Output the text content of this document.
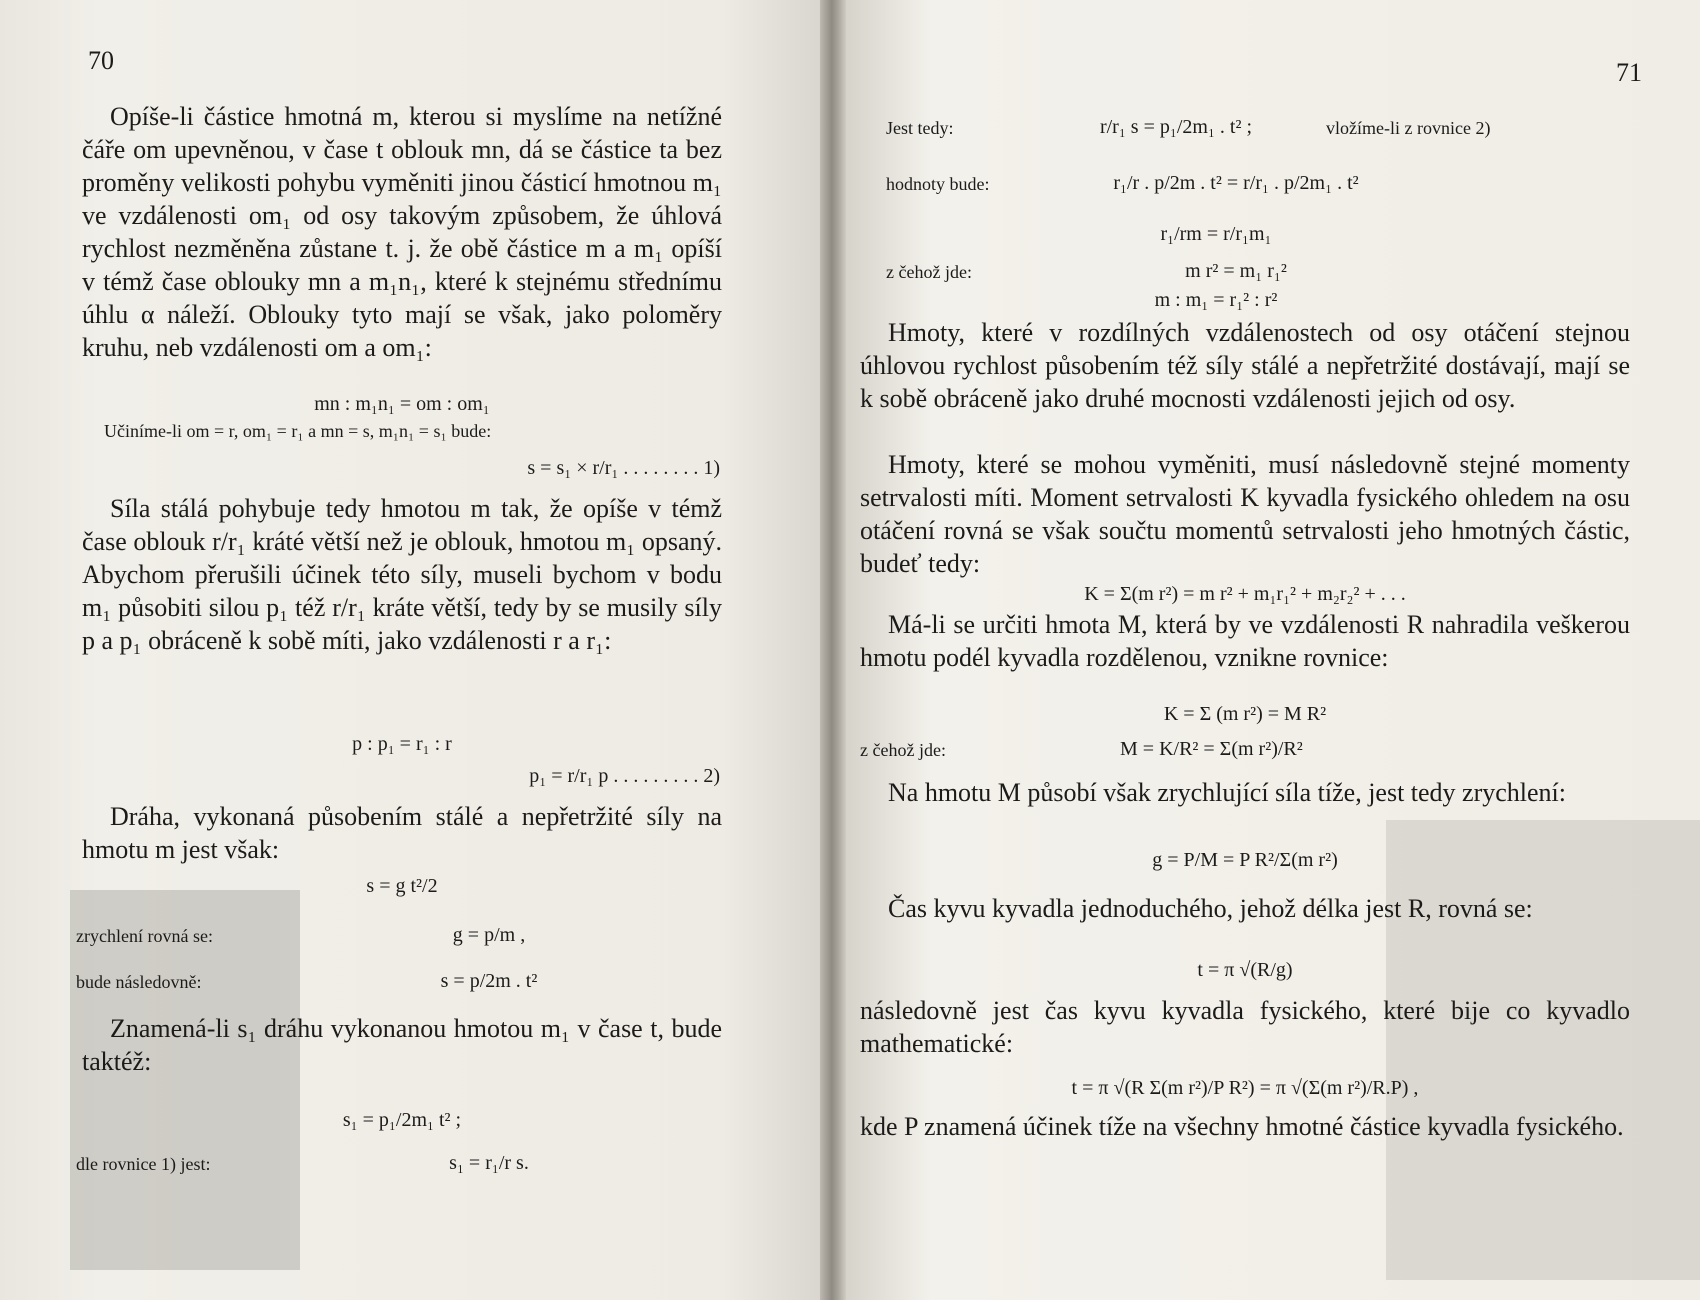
70

Opíše-li částice hmotná m, kterou si myslíme na netížné čáře om upevněnou, v čase t oblouk mn, dá se částice ta bez proměny velikosti pohybu vyměniti jinou částicí hmotnou m₁ ve vzdálenosti om₁ od osy takovým způsobem, že úhlová rychlost nezměněna zůstane t. j. že obě částice m a m₁ opíší v témž čase oblouky mn a m₁n₁, které k stejnému střednímu úhlu α náleží. Oblouky tyto mají se však, jako poloměry kruhu, neb vzdálenosti om a om₁:

mn : m₁n₁ = om : om₁
Učiníme-li om = r, om₁ = r₁ a mn = s, m₁n₁ = s₁ bude:
s = s₁ × r/r₁ . . . . . . . . 1)

Síla stálá pohybuje tedy hmotou m tak, že opíše v témž čase oblouk r/r₁ kráté větší než je oblouk, hmotou m₁ opsaný. Abychom přerušili účinek této síly, museli bychom v bodu m₁ působiti silou p₁ též r/r₁ kráte větší, tedy by se musily síly p a p₁ obráceně k sobě míti, jako vzdálenosti r a r₁:

p : p₁ = r₁ : r
p₁ = r/r₁ p . . . . . . . . . 2)

Dráha, vykonaná působením stálé a nepřetržité síly na hmotu m jest však:

s = g t²/2
zrychlení rovná se:	g = p/m ,
bude následovně:	s = p/2m . t²

Znamená-li s₁ dráhu vykonanou hmotou m₁ v čase t, bude taktéž:

s₁ = p₁/2m₁ t² ;
dle rovnice 1) jest:	s₁ = r₁/r s.
71
Jest tedy:	r/r₁ s = p₁/2m₁ . t² ;	vložíme-li z rovnice 2)
hodnoty bude:	r₁/r . p/2m . t² = r/r₁ . p/2m₁ . t²
r₁/rm = r/r₁m₁
z čehož jde:	m r² = m₁ r₁²
m : m₁ = r₁² : r²

Hmoty, které v rozdílných vzdálenostech od osy otáčení stejnou úhlovou rychlost působením též síly stálé a nepřetržité dostávají, mají se k sobě obráceně jako druhé mocnosti vzdálenosti jejich od osy.

Hmoty, které se mohou vyměniti, musí následovně stejné momenty setrvalosti míti. Moment setrvalosti K kyvadla fysického ohledem na osu otáčení rovná se však součtu momentů setrvalosti jeho hmotných částic, budeť tedy:

K = Σ(m r²) = m r² + m₁r₁² + m₂r₂² + . . .

Má-li se určiti hmota M, která by ve vzdálenosti R nahradila veškerou hmotu podél kyvadla rozdělenou, vznikne rovnice:

K = Σ (m r²) = M R²
z čehož jde:	M = K/R² = Σ(m r²)/R²

Na hmotu M působí však zrychlující síla tíže, jest tedy zrychlení:

g = P/M = P R²/Σ(m r²)

Čas kyvu kyvadla jednoduchého, jehož délka jest R, rovná se:

t = π √(R/g)

následovně jest čas kyvu kyvadla fysického, které bije co kyvadlo mathematické:

t = π √(R Σ(m r²)/P R²) = π √(Σ(m r²)/R.P) ,

kde P znamená účinek tíže na všechny hmotné částice kyvadla fysického.
